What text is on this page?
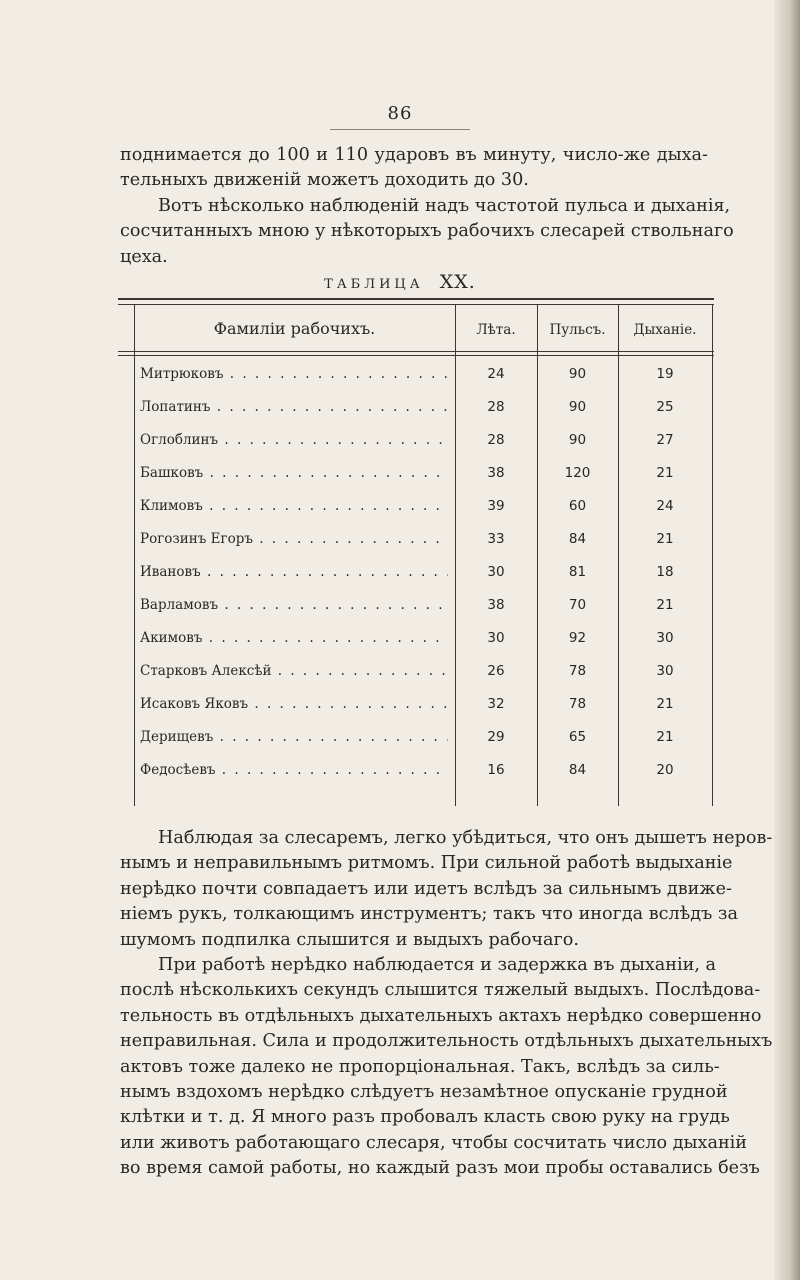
86

поднимается до 100 и 110 ударовъ въ минуту, число-же дыха-
тельныхъ движеній можетъ доходить до 30.
Вотъ нѣсколько наблюденій надъ частотой пульса и дыханія,
сосчитанныхъ мною у нѣкоторыхъ рабочихъ слесарей ствольнаго
цеха.

ТАБЛИЦА XX.
Фамиліи рабочихъ.	Лѣта.	Пульсъ.	Дыханіе.
Митрюковъ . . .	24	90	19
Лопатинъ . . .	28	90	25
Оглоблинъ . . .	28	90	27
Башковъ . . .	38	120	21
Климовъ . . .	39	60	24
Рогозинъ Егоръ . . .	33	84	21
Ивановъ . . .	30	81	18
Варламовъ . . .	38	70	21
Акимовъ . . .	30	92	30
Старковъ Алексѣй . . .	26	78	30
Исаковъ Яковъ . . .	32	78	21
Дерищевъ . . .	29	65	21
Федосѣевъ . . .	16	84	20

Наблюдая за слесаремъ, легко убѣдиться, что онъ дышетъ неров-
нымъ и неправильнымъ ритмомъ. При сильной работѣ выдыханіе
нерѣдко почти совпадаетъ или идетъ вслѣдъ за сильнымъ движе-
ніемъ рукъ, толкающимъ инструментъ; такъ что иногда вслѣдъ за
шумомъ подпилка слышится и выдыхъ рабочаго.

При работѣ нерѣдко наблюдается и задержка въ дыханіи, а
послѣ нѣсколькихъ секундъ слышится тяжелый выдыхъ. Послѣдова-
тельность въ отдѣльныхъ дыхательныхъ актахъ нерѣдко совершенно
неправильная. Сила и продолжительность отдѣльныхъ дыхательныхъ
актовъ тоже далеко не пропорціональная. Такъ, вслѣдъ за силь-
нымъ вздохомъ нерѣдко слѣдуетъ незамѣтное опусканіе грудной
клѣтки и т. д. Я много разъ пробовалъ класть свою руку на грудь
или животъ работающаго слесаря, чтобы сосчитать число дыханій
во время самой работы, но каждый разъ мои пробы оставались безъ
